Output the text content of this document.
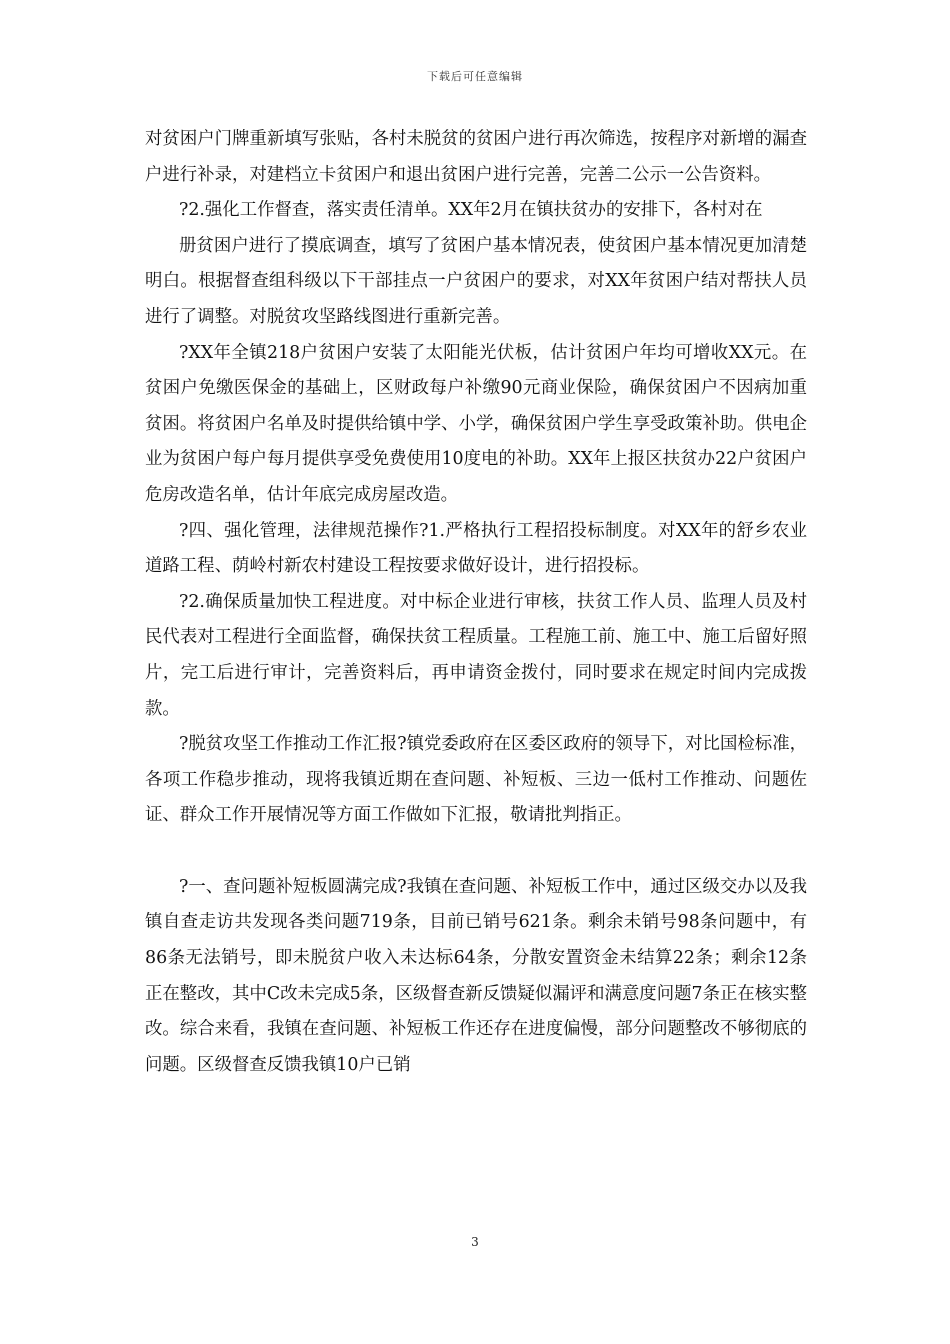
下载后可任意编辑

对贫困户门牌重新填写张贴，各村未脱贫的贫困户进行再次筛选，按程序对新增的漏查户进行补录，对建档立卡贫困户和退出贫困户进行完善，完善二公示一公告资料。

?2.强化工作督查，落实责任清单。XX年2月在镇扶贫办的安排下，各村对在

册贫困户进行了摸底调查，填写了贫困户基本情况表，使贫困户基本情况更加清楚明白。根据督查组科级以下干部挂点一户贫困户的要求，对XX年贫困户结对帮扶人员进行了调整。对脱贫攻坚路线图进行重新完善。

?XX年全镇218户贫困户安装了太阳能光伏板，估计贫困户年均可增收XX元。在贫困户免缴医保金的基础上，区财政每户补缴90元商业保险，确保贫困户不因病加重贫困。将贫困户名单及时提供给镇中学、小学，确保贫困户学生享受政策补助。供电企业为贫困户每户每月提供享受免费使用10度电的补助。XX年上报区扶贫办22户贫困户危房改造名单，估计年底完成房屋改造。

?四、强化管理，法律规范操作?1.严格执行工程招投标制度。对XX年的舒乡农业道路工程、荫岭村新农村建设工程按要求做好设计，进行招投标。

?2.确保质量加快工程进度。对中标企业进行审核，扶贫工作人员、监理人员及村民代表对工程进行全面监督，确保扶贫工程质量。工程施工前、施工中、施工后留好照片，完工后进行审计，完善资料后，再申请资金拨付，同时要求在规定时间内完成拨款。

?脱贫攻坚工作推动工作汇报?镇党委政府在区委区政府的领导下，对比国检标准，各项工作稳步推动，现将我镇近期在查问题、补短板、三边一低村工作推动、问题佐证、群众工作开展情况等方面工作做如下汇报，敬请批判指正。

?一、查问题补短板圆满完成?我镇在查问题、补短板工作中，通过区级交办以及我镇自查走访共发现各类问题719条，目前已销号621条。剩余未销号98条问题中，有86条无法销号，即未脱贫户收入未达标64条，分散安置资金未结算22条；剩余12条正在整改，其中C改未完成5条，区级督查新反馈疑似漏评和满意度问题7条正在核实整改。综合来看，我镇在查问题、补短板工作还存在进度偏慢，部分问题整改不够彻底的问题。区级督查反馈我镇10户已销

3
